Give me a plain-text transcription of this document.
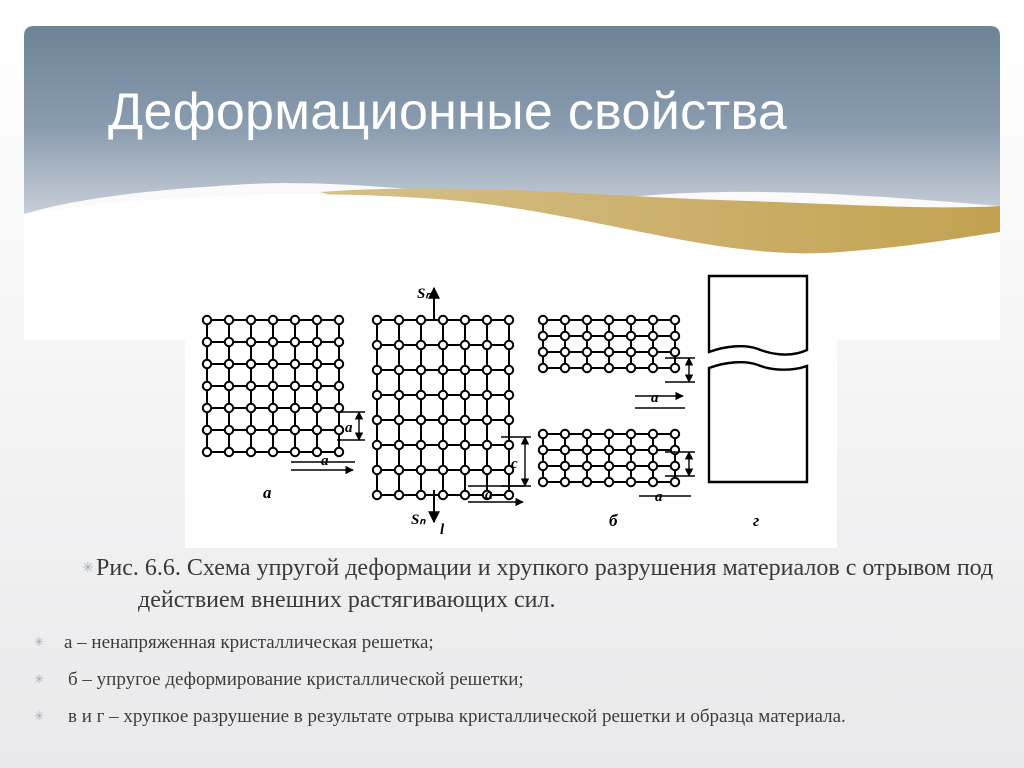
Деформационные свойства
a
a
a
Sₙ
Sₙ
l
a
c
a
a
б	г
✳ Рис. 6.6. Схема упругой деформации и хрупкого разрушения материалов с отрывом под действием внешних растягивающих сил.
✳ а – ненапряженная кристаллическая решетка;
✳ б – упругое деформирование кристаллической решетки;
✳ в и г – хрупкое разрушение в результате отрыва кристаллической решетки и образца материала.
